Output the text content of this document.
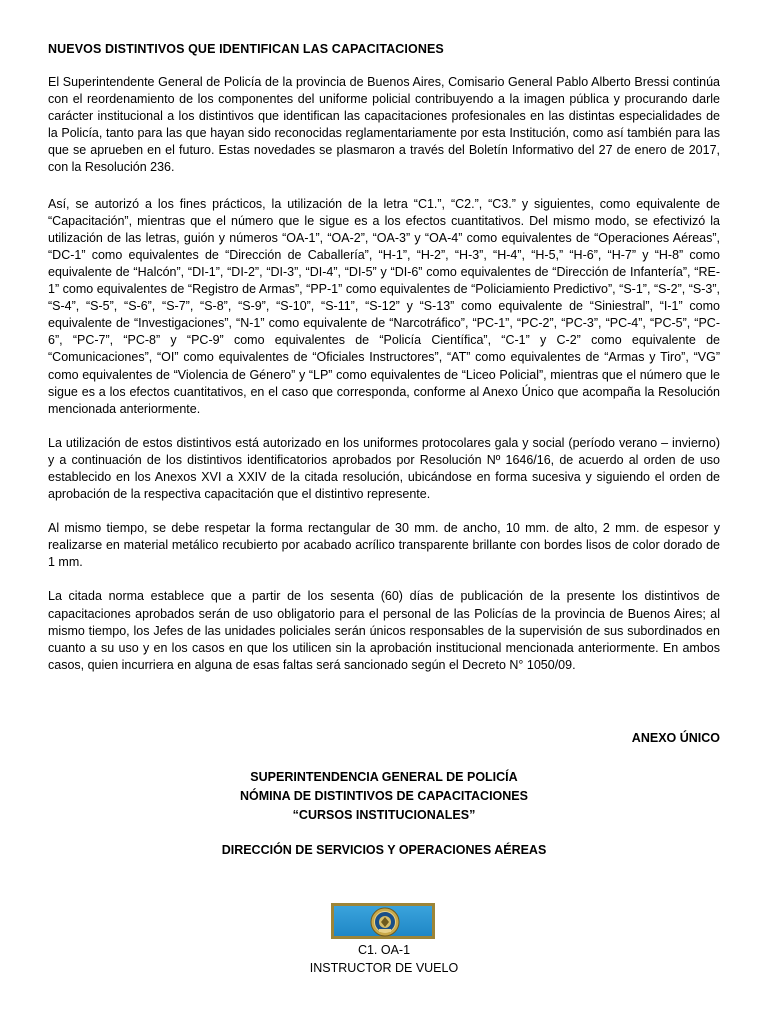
NUEVOS DISTINTIVOS QUE IDENTIFICAN LAS CAPACITACIONES

El Superintendente General de Policía de la provincia de Buenos Aires, Comisario General Pablo Alberto Bressi continúa con el reordenamiento de los componentes del uniforme policial contribuyendo a la imagen pública y procurando darle carácter institucional a los distintivos que identifican las capacitaciones profesionales en las distintas especialidades de la Policía, tanto para las que hayan sido reconocidas reglamentariamente por esta Institución, como así también para las que se aprueben en el futuro. Estas novedades se plasmaron a través del Boletín Informativo del 27 de enero de 2017, con la Resolución 236.

Así, se autorizó a los fines prácticos, la utilización de la letra “C1.”, “C2.”, “C3.” y siguientes, como equivalente de “Capacitación”, mientras que el número que le sigue es a los efectos cuantitativos. Del mismo modo, se efectivizó la utilización de las letras, guión y números “OA-1”, “OA-2”, “OA-3” y “OA-4” como equivalentes de “Operaciones Aéreas”, “DC-1” como equivalentes de “Dirección de Caballería”, “H-1”, “H-2”, “H-3”, “H-4”, “H-5,” “H-6”, “H-7” y “H-8” como equivalente de “Halcón”, “DI-1”, “DI-2”, “DI-3”, “DI-4”, “DI-5” y “DI-6” como equivalentes de “Dirección de Infantería”, “RE-1” como equivalentes de “Registro de Armas”, “PP-1” como equivalentes de “Policiamiento Predictivo”, “S-1”, “S-2”, “S-3”, “S-4”, “S-5”, “S-6”, “S-7”, “S-8”, “S-9”, “S-10”, “S-11”, “S-12” y “S-13” como equivalente de “Siniestral”, “I-1” como equivalente de “Investigaciones”, “N-1” como equivalente de “Narcotráfico”, “PC-1”, “PC-2”, “PC-3”, “PC-4”, “PC-5”, “PC-6”, “PC-7”, “PC-8” y “PC-9” como equivalentes de “Policía Científica”, “C-1” y C-2” como equivalente de “Comunicaciones”, “OI” como equivalentes de “Oficiales Instructores”, “AT” como equivalentes de “Armas y Tiro”, “VG” como equivalentes de “Violencia de Género” y “LP” como equivalentes de “Liceo Policial”, mientras que el número que le sigue es a los efectos cuantitativos, en el caso que corresponda, conforme al Anexo Único que acompaña la Resolución mencionada anteriormente.

La utilización de estos distintivos está autorizado en los uniformes protocolares gala y social (período verano – invierno) y a continuación de los distintivos identificatorios aprobados por Resolución Nº 1646/16, de acuerdo al orden de uso establecido en los Anexos XVI a XXIV de la citada resolución, ubicándose en forma sucesiva y siguiendo el orden de aprobación de la respectiva capacitación que el distintivo represente.

Al mismo tiempo, se debe respetar la forma rectangular de 30 mm. de ancho, 10 mm. de alto, 2 mm. de espesor y realizarse en material metálico recubierto por acabado acrílico transparente brillante con bordes lisos de color dorado de 1 mm.

La citada norma establece que a partir de los sesenta (60) días de publicación de la presente los distintivos de capacitaciones aprobados serán de uso obligatorio para el personal de las Policías de la provincia de Buenos Aires; al mismo tiempo, los Jefes de las unidades policiales serán únicos responsables de la supervisión de sus subordinados en cuanto a su uso y en los casos en que los utilicen sin la aprobación institucional mencionada anteriormente. En ambos casos, quien incurriera en alguna de esas faltas será sancionado según el Decreto N° 1050/09.

ANEXO ÚNICO
SUPERINTENDENCIA GENERAL DE POLICÍA
NÓMINA DE DISTINTIVOS DE CAPACITACIONES
“CURSOS INSTITUCIONALES”
DIRECCIÓN DE SERVICIOS Y OPERACIONES AÉREAS
C1. OA-1
INSTRUCTOR DE VUELO
